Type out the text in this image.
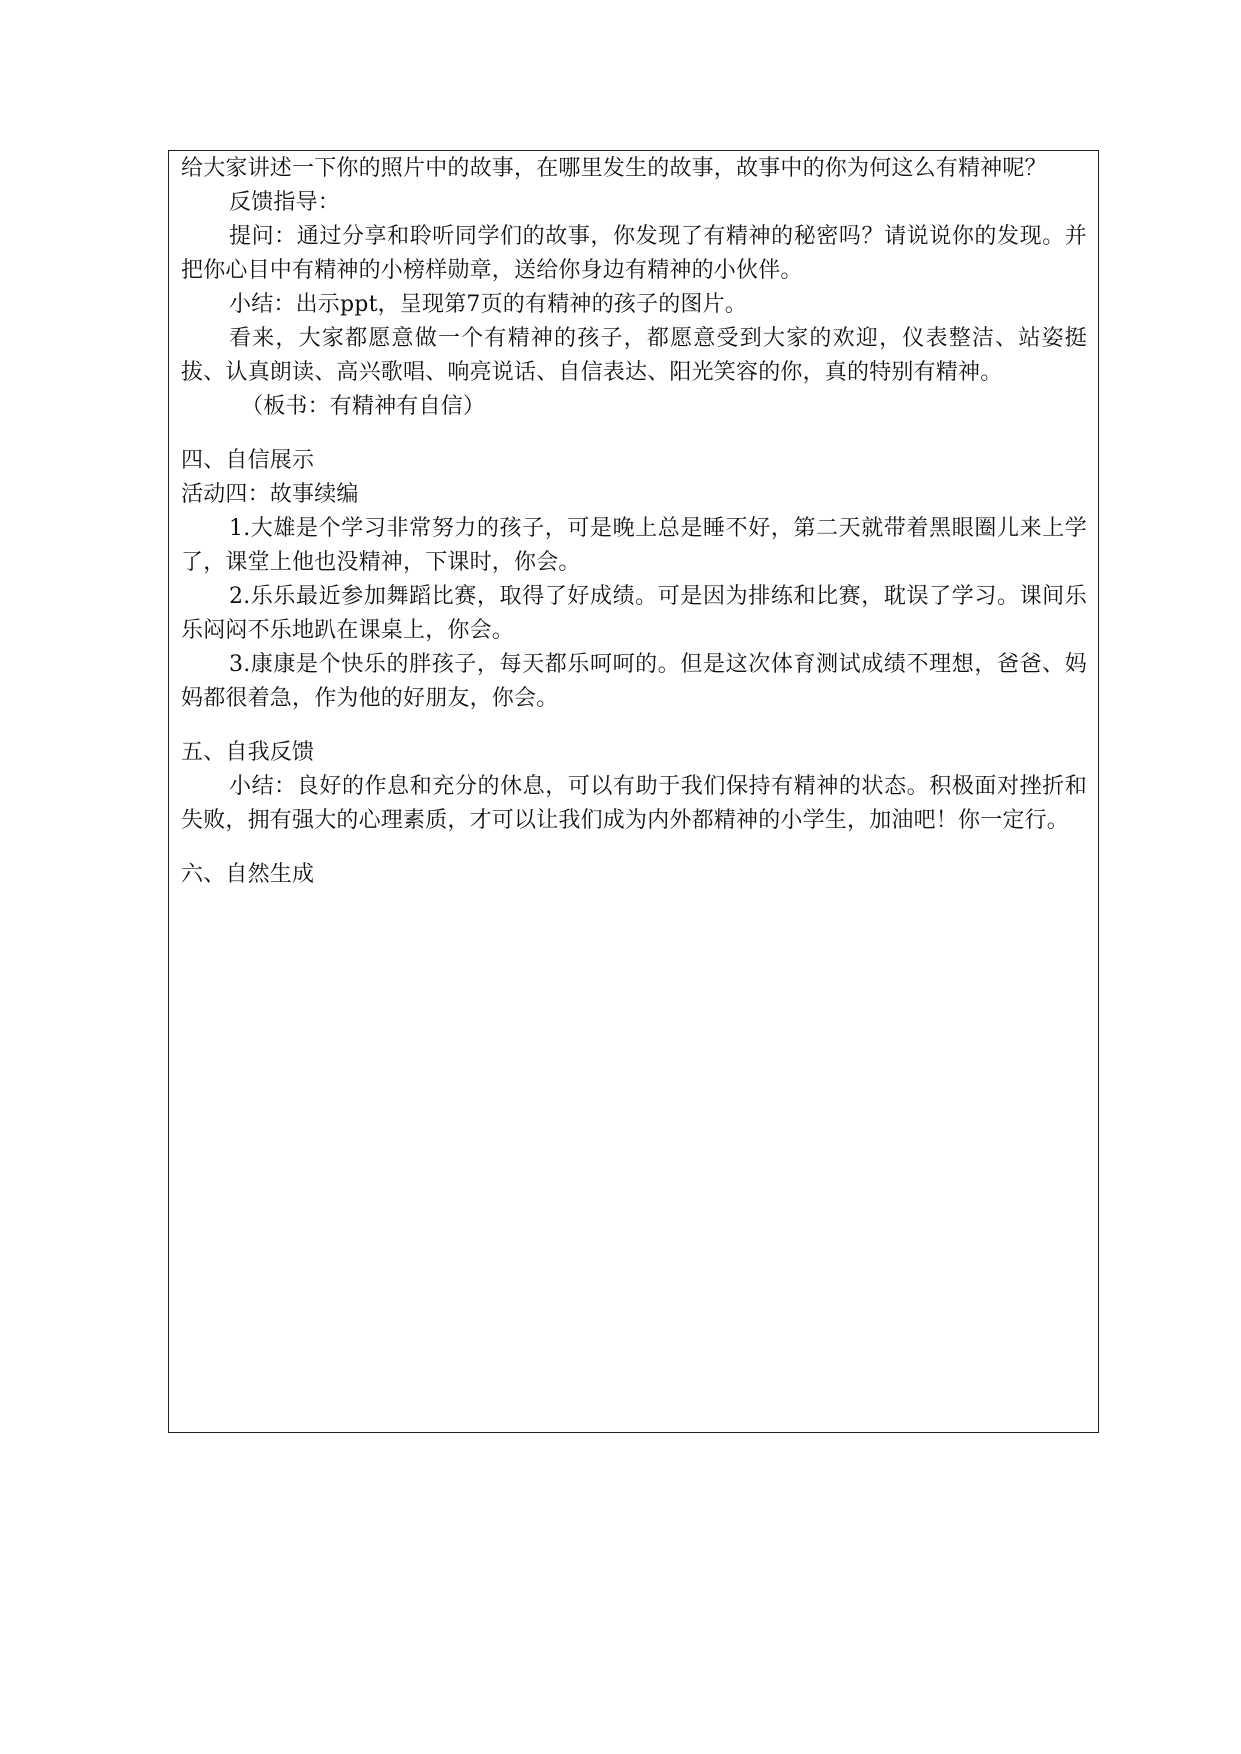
给大家讲述一下你的照片中的故事，在哪里发生的故事，故事中的你为何这么有精神呢？

反馈指导：

提问：通过分享和聆听同学们的故事，你发现了有精神的秘密吗？请说说你的发现。并把你心目中有精神的小榜样勋章，送给你身边有精神的小伙伴。

小结：出示ppt，呈现第7页的有精神的孩子的图片。

看来，大家都愿意做一个有精神的孩子，都愿意受到大家的欢迎，仪表整洁、站姿挺拔、认真朗读、高兴歌唱、响亮说话、自信表达、阳光笑容的你，真的特别有精神。

（板书：有精神有自信）

四、自信展示

活动四：故事续编

1.大雄是个学习非常努力的孩子，可是晚上总是睡不好，第二天就带着黑眼圈儿来上学了，课堂上他也没精神，下课时，你会。

2.乐乐最近参加舞蹈比赛，取得了好成绩。可是因为排练和比赛，耽误了学习。课间乐乐闷闷不乐地趴在课桌上，你会。

3.康康是个快乐的胖孩子，每天都乐呵呵的。但是这次体育测试成绩不理想，爸爸、妈妈都很着急，作为他的好朋友，你会。

五、自我反馈

小结：良好的作息和充分的休息，可以有助于我们保持有精神的状态。积极面对挫折和失败，拥有强大的心理素质，才可以让我们成为内外都精神的小学生，加油吧！你一定行。

六、自然生成
